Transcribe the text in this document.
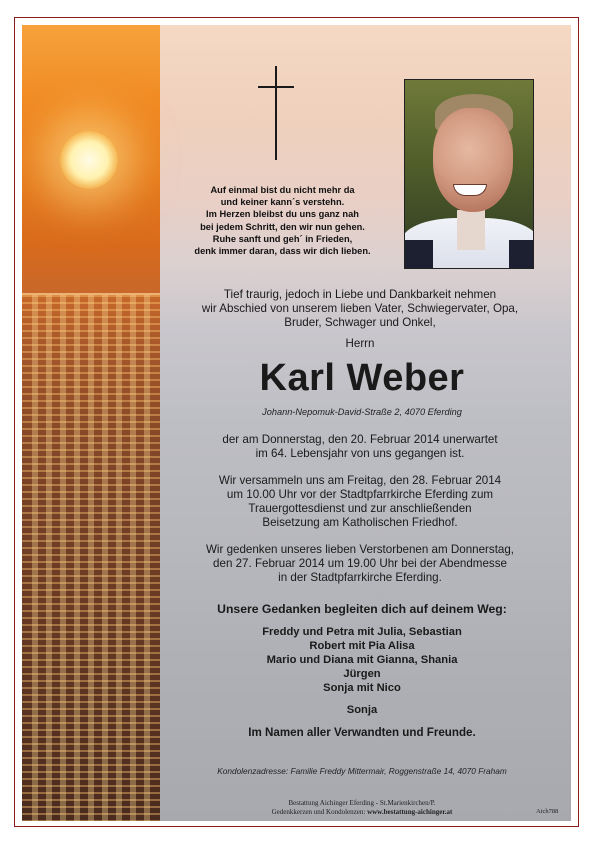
Auf einmal bist du nicht mehr da
und keiner kann´s verstehn.
Im Herzen bleibst du uns ganz nah
bei jedem Schritt, den wir nun gehen.
Ruhe sanft und geh´ in Frieden,
denk immer daran, dass wir dich lieben.
Tief traurig, jedoch in Liebe und Dankbarkeit nehmen
wir Abschied von unserem lieben Vater, Schwiegervater, Opa,
Bruder, Schwager und Onkel,
Herrn
Karl Weber
Johann-Nepomuk-David-Straße 2, 4070 Eferding
der am Donnerstag, den 20. Februar 2014 unerwartet
im 64. Lebensjahr von uns gegangen ist.
Wir versammeln uns am Freitag, den 28. Februar 2014
um 10.00 Uhr vor der Stadtpfarrkirche Eferding zum
Trauergottesdienst und zur anschließenden
Beisetzung am Katholischen Friedhof.
Wir gedenken unseres lieben Verstorbenen am Donnerstag,
den 27. Februar 2014 um 19.00 Uhr bei der Abendmesse
in der Stadtpfarrkirche Eferding.
Unsere Gedanken begleiten dich auf deinem Weg:
Freddy und Petra mit Julia, Sebastian
Robert mit Pia Alisa
Mario und Diana mit Gianna, Shania
Jürgen
Sonja mit Nico
Sonja
Im Namen aller Verwandten und Freunde.
Kondolenzadresse: Familie Freddy Mittermair, Roggenstraße 14, 4070 Fraham
Bestattung Aichinger Eferding - St.Marienkirchen/P.
Gedenkkerzen und Kondolenzen: www.bestattung-aichinger.at	Aich788
